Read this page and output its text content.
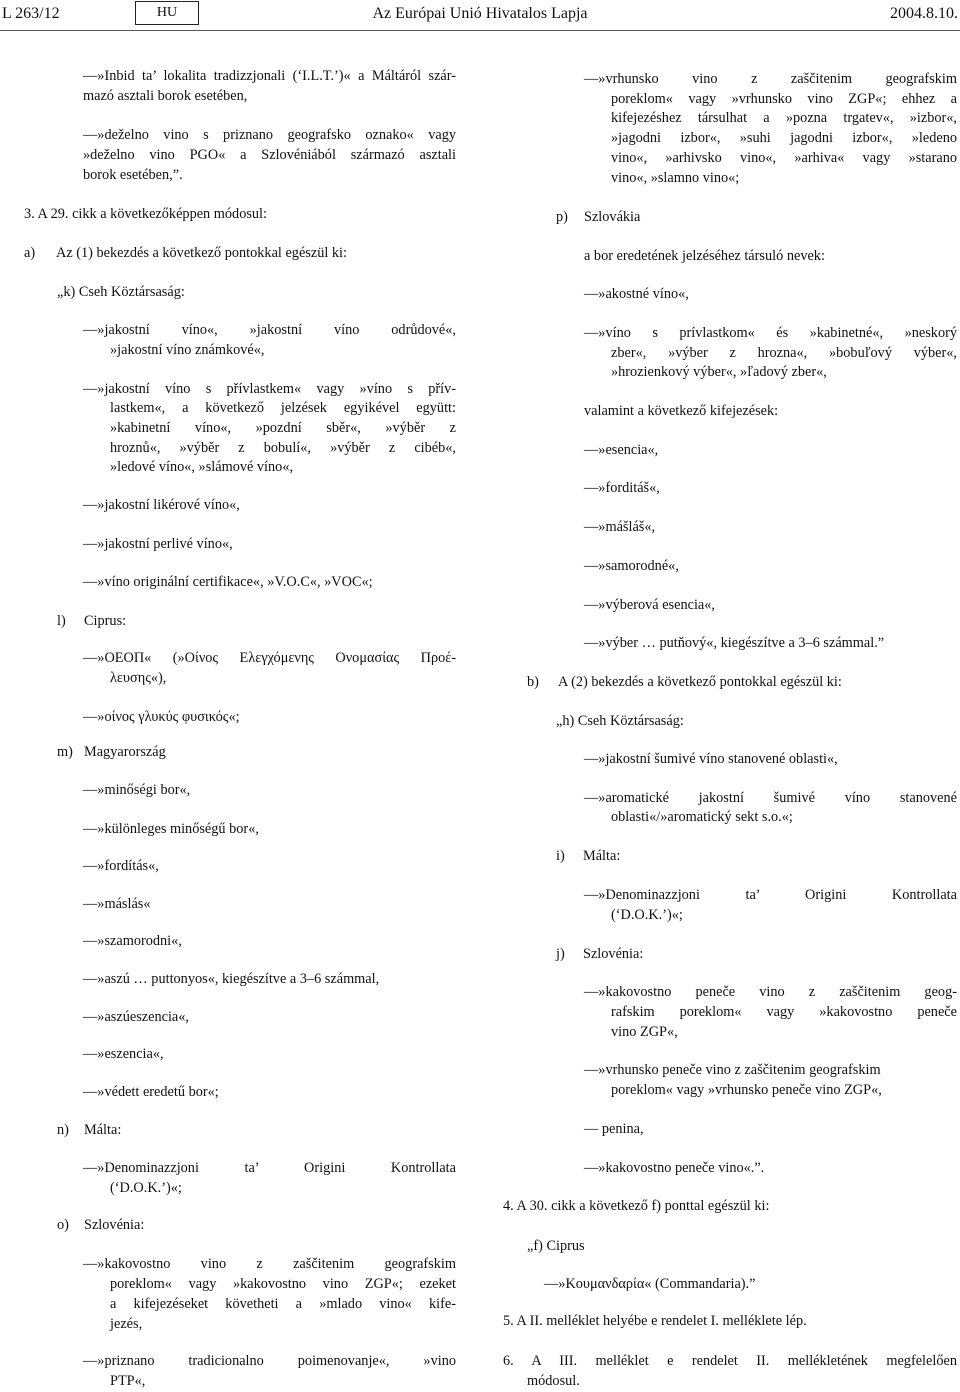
L 263/12	HU	Az Európai Unió Hivatalos Lapja	2004.8.10.
—»Inbid ta’ lokalita tradizzjonali (‘I.L.T.’)« a Máltáról szár-
mazó asztali borok esetében,
—»deželno vino s priznano geografsko oznako« vagy
»deželno vino PGO« a Szlovéniából származó asztali
borok esetében,”.
3. A 29. cikk a következőképpen módosul:
a) Az (1) bekezdés a következő pontokkal egészül ki:
„k) Cseh Köztársaság:
—»jakostní víno«, »jakostní víno odrůdové«,
»jakostní víno známkové«,
—»jakostní víno s přívlastkem« vagy »víno s přív-
lastkem«, a következő jelzések egyikével együtt:
»kabinetní víno«, »pozdní sběr«, »výběr z
hroznů«, »výběr z bobulí«, »výběr z cibéb«,
»ledové víno«, »slámové víno«,
—»jakostní likérové víno«,
—»jakostní perlivé víno«,
—»víno originální certifikace«, »V.O.C«, »VOC«;
l) Ciprus:
—»ΟΕΟΠ« (»Οίνος Ελεγχόμενης Ονομασίας Προέ-
λευσης«),
—»οίνος γλυκύς φυσικός«;
m) Magyarország
—»minőségi bor«,
—»különleges minőségű bor«,
—»fordítás«,
—»máslás«
—»szamorodni«,
—»aszú … puttonyos«, kiegészítve a 3–6 számmal,
—»aszúeszencia«,
—»eszencia«,
—»védett eredetű bor«;
n) Málta:
—»Denominazzjoni ta’ Origini Kontrollata
(‘D.O.K.’)«;
o) Szlovénia:
—»kakovostno vino z zaščitenim geografskim
poreklom« vagy »kakovostno vino ZGP«; ezeket
a kifejezéseket követheti a »mlado vino« kife-
jezés,
—»priznano tradicionalno poimenovanje«, »vino
PTP«,
—»vrhunsko vino z zaščitenim geografskim
poreklom« vagy »vrhunsko vino ZGP«; ehhez a
kifejezéshez társulhat a »pozna trgatev«, »izbor«,
»jagodni izbor«, »suhi jagodni izbor«, »ledeno
vino«, »arhivsko vino«, »arhiva« vagy »starano
vino«, »slamno vino«;
p) Szlovákia
a bor eredetének jelzéséhez társuló nevek:
—»akostné víno«,
—»víno s prívlastkom« és »kabinetné«, »neskorý
zber«, »výber z hrozna«, »bobuľový výber«,
»hrozienkový výber«, »ľadový zber«,
valamint a következő kifejezések:
—»esencia«,
—»forditáš«,
—»mášláš«,
—»samorodné«,
—»výberová esencia«,
—»výber … putňový«, kiegészítve a 3–6 számmal.”
b) A (2) bekezdés a következő pontokkal egészül ki:
„h) Cseh Köztársaság:
—»jakostní šumivé víno stanovené oblasti«,
—»aromatické jakostní šumivé víno stanovené
oblasti«/»aromatický sekt s.o.«;
i) Málta:
—»Denominazzjoni ta’ Origini Kontrollata
(‘D.O.K.’)«;
j) Szlovénia:
—»kakovostno peneče vino z zaščitenim geog-
rafskim poreklom« vagy »kakovostno peneče
vino ZGP«,
—»vrhunsko peneče vino z zaščitenim geografskim
poreklom« vagy »vrhunsko peneče vino ZGP«,
— penina,
—»kakovostno peneče vino«.”.
4. A 30. cikk a következő f) ponttal egészül ki:
„f) Ciprus
—»Κουμανδαρία« (Commandaria).”
5. A II. melléklet helyébe e rendelet I. melléklete lép.
6. A III. melléklet e rendelet II. mellékletének megfelelően
módosul.
